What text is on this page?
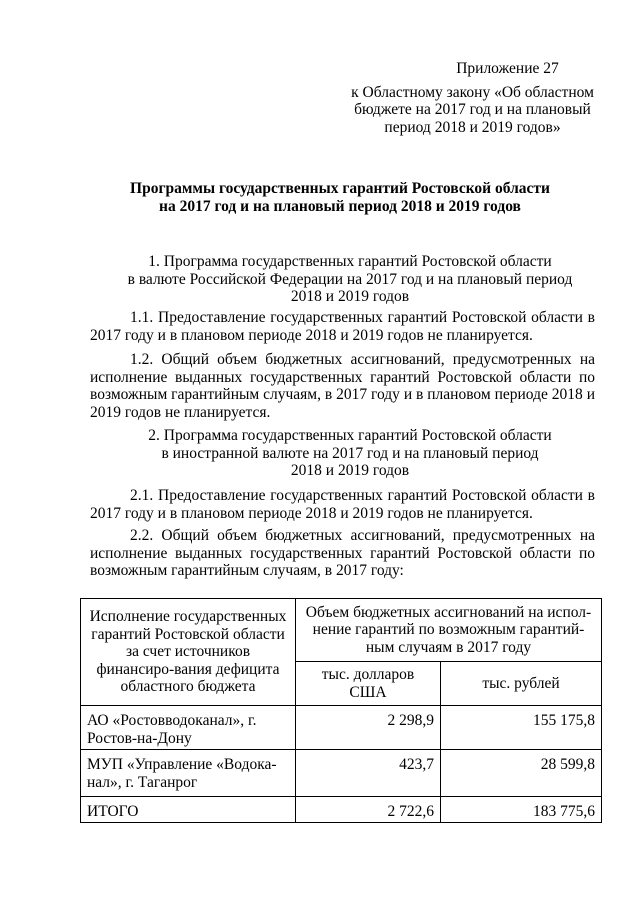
Приложение 27
к Областному закону «Об областном бюджете на 2017 год и на плановый период 2018 и 2019 годов»
Программы государственных гарантий Ростовской области
на 2017 год и на плановый период 2018 и 2019 годов
1. Программа государственных гарантий Ростовской области
в валюте Российской Федерации на 2017 год и на плановый период
2018 и 2019 годов
1.1. Предоставление государственных гарантий Ростовской области в 2017 году и в плановом периоде 2018 и 2019 годов не планируется.
1.2. Общий объем бюджетных ассигнований, предусмотренных на исполнение выданных государственных гарантий Ростовской области по возможным гарантийным случаям, в 2017 году и в плановом периоде 2018 и 2019 годов не планируется.
2. Программа государственных гарантий Ростовской области
в иностранной валюте на 2017 год и на плановый период
2018 и 2019 годов
2.1. Предоставление государственных гарантий Ростовской области в 2017 году и в плановом периоде 2018 и 2019 годов не планируется.
2.2. Общий объем бюджетных ассигнований, предусмотренных на исполнение выданных государственных гарантий Ростовской области по возможным гарантийным случаям, в 2017 году:
Исполнение государственных гарантий Ростовской области за счет источников финансиро-вания дефицита областного бюджета	Объем бюджетных ассигнований на испол-нение гарантий по возможным гарантий-ным случаям в 2017 году	
	тыс. долларов США	тыс. рублей
АО «Ростовводоканал», г. Ростов-на-Дону	2 298,9	155 175,8
МУП «Управление «Водока-нал», г. Таганрог	423,7	28 599,8
ИТОГО	2 722,6	183 775,6
